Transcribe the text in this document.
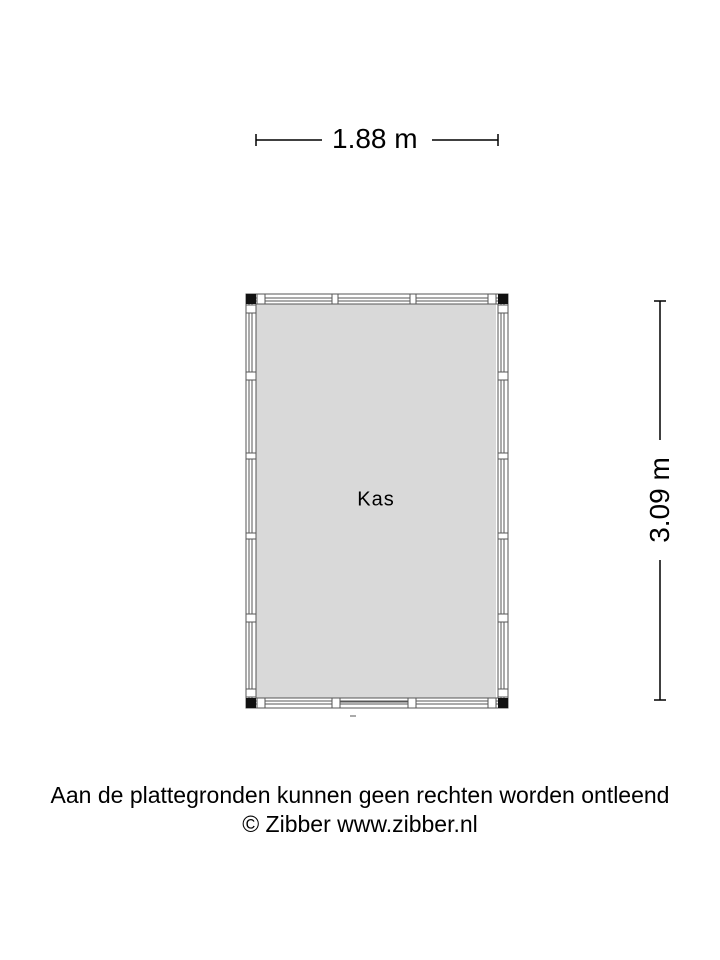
1.88 m
3.09 m
Kas
Aan de plattegronden kunnen geen rechten worden ontleend
© Zibber www.zibber.nl
